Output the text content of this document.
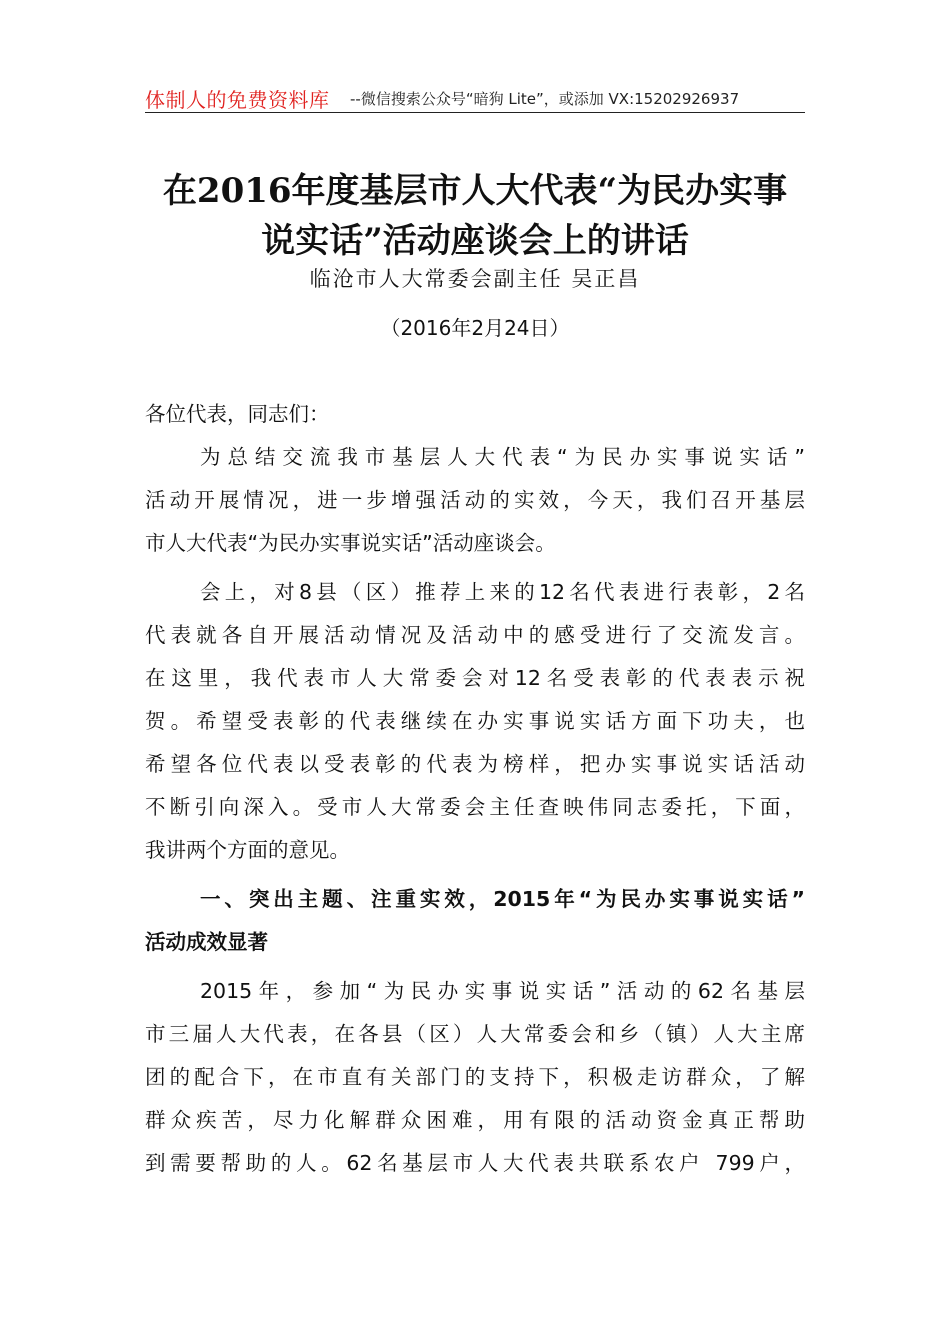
体制人的免费资料库 --微信搜索公众号“暗狗 Lite”，或添加 VX:15202926937
在2016年度基层市人大代表“为民办实事
说实话”活动座谈会上的讲话
临沧市人大常委会副主任 吴正昌
（2016年2月24日）
各位代表，同志们：
为总结交流我市基层人大代表“为民办实事说实话”
活动开展情况，进一步增强活动的实效，今天，我们召开基层
市人大代表“为民办实事说实话”活动座谈会。
会上，对8县（区）推荐上来的12名代表进行表彰，2名
代表就各自开展活动情况及活动中的感受进行了交流发言。
在这里，我代表市人大常委会对12名受表彰的代表表示祝
贺。希望受表彰的代表继续在办实事说实话方面下功夫，也
希望各位代表以受表彰的代表为榜样，把办实事说实话活动
不断引向深入。受市人大常委会主任查映伟同志委托，下面，
我讲两个方面的意见。
一、突出主题、注重实效，2015年“为民办实事说实话”
活动成效显著
2015年，参加“为民办实事说实话”活动的62名基层
市三届人大代表，在各县（区）人大常委会和乡（镇）人大主席
团的配合下，在市直有关部门的支持下，积极走访群众，了解
群众疾苦，尽力化解群众困难，用有限的活动资金真正帮助
到需要帮助的人。62名基层市人大代表共联系农户 799户，
